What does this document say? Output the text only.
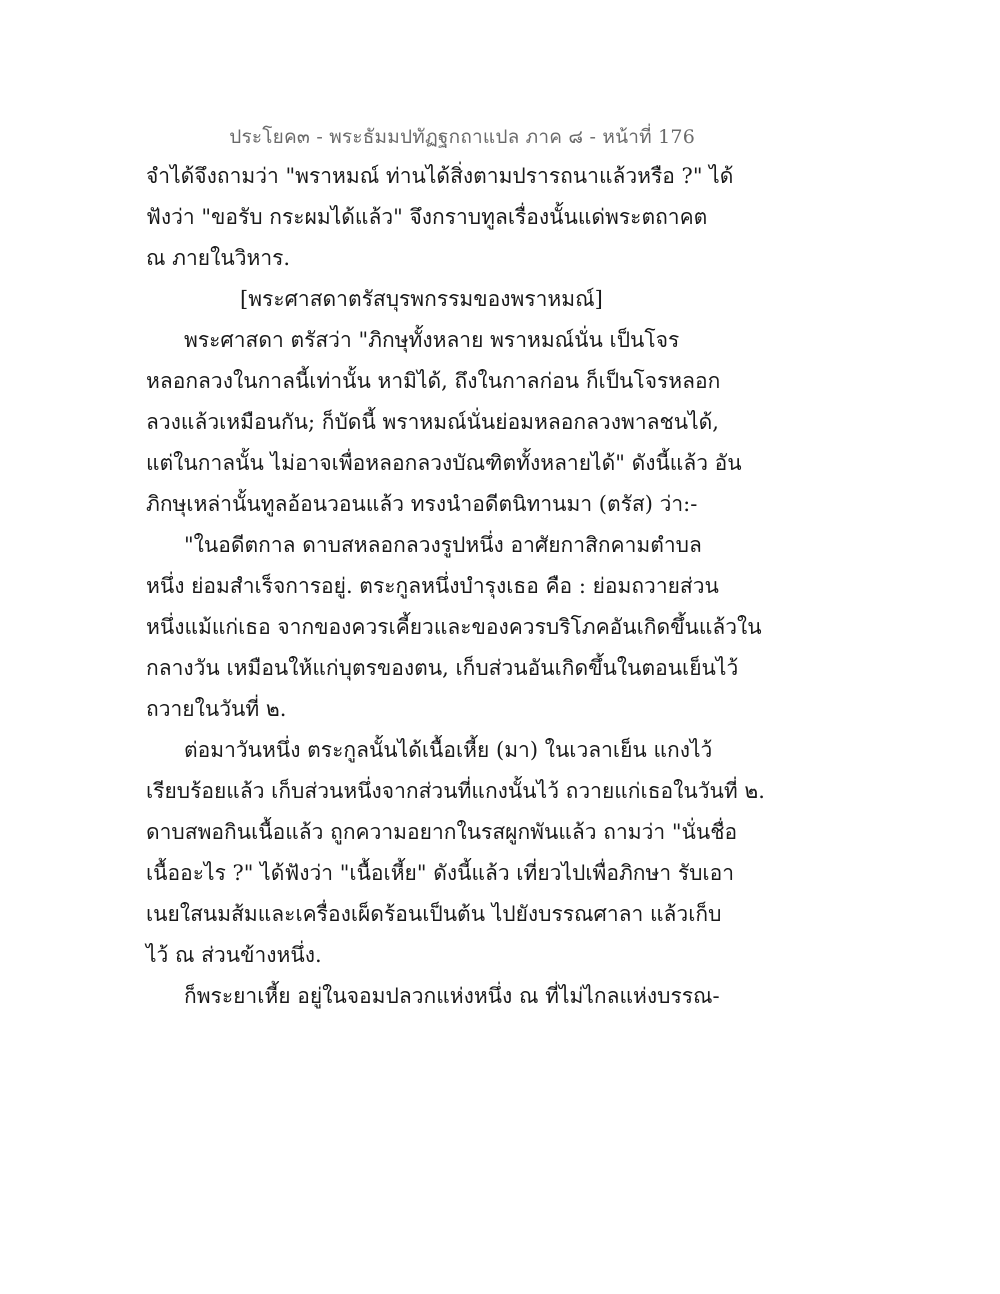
ประโยค๓ - พระธัมมปทัฏฐกถาแปล ภาค ๘ - หน้าที่ 176
จำได้จึงถามว่า "พราหมณ์ ท่านได้สิ่งตามปรารถนาแล้วหรือ ?" ได้
ฟังว่า "ขอรับ กระผมได้แล้ว" จึงกราบทูลเรื่องนั้นแด่พระตถาคต
ณ ภายในวิหาร.
[พระศาสดาตรัสบุรพกรรมของพราหมณ์]
พระศาสดา ตรัสว่า "ภิกษุทั้งหลาย พราหมณ์นั่น เป็นโจร
หลอกลวงในกาลนี้เท่านั้น หามิได้, ถึงในกาลก่อน ก็เป็นโจรหลอก
ลวงแล้วเหมือนกัน; ก็บัดนี้ พราหมณ์นั่นย่อมหลอกลวงพาลชนได้,
แต่ในกาลนั้น ไม่อาจเพื่อหลอกลวงบัณฑิตทั้งหลายได้" ดังนี้แล้ว อัน
ภิกษุเหล่านั้นทูลอ้อนวอนแล้ว ทรงนำอดีตนิทานมา (ตรัส) ว่า:-
"ในอดีตกาล ดาบสหลอกลวงรูปหนึ่ง อาศัยกาสิกคามตำบล
หนึ่ง ย่อมสำเร็จการอยู่. ตระกูลหนึ่งบำรุงเธอ คือ : ย่อมถวายส่วน
หนึ่งแม้แก่เธอ จากของควรเคี้ยวและของควรบริโภคอันเกิดขึ้นแล้วใน
กลางวัน เหมือนให้แก่บุตรของตน, เก็บส่วนอันเกิดขึ้นในตอนเย็นไว้
ถวายในวันที่ ๒.
ต่อมาวันหนึ่ง ตระกูลนั้นได้เนื้อเหี้ย (มา) ในเวลาเย็น แกงไว้
เรียบร้อยแล้ว เก็บส่วนหนึ่งจากส่วนที่แกงนั้นไว้ ถวายแก่เธอในวันที่ ๒.
ดาบสพอกินเนื้อแล้ว ถูกความอยากในรสผูกพันแล้ว ถามว่า "นั่นชื่อ
เนื้ออะไร ?" ได้ฟังว่า "เนื้อเหี้ย" ดังนี้แล้ว เที่ยวไปเพื่อภิกษา รับเอา
เนยใสนมส้มและเครื่องเผ็ดร้อนเป็นต้น ไปยังบรรณศาลา แล้วเก็บ
ไว้ ณ ส่วนข้างหนึ่ง.
ก็พระยาเหี้ย อยู่ในจอมปลวกแห่งหนึ่ง ณ ที่ไม่ไกลแห่งบรรณ-
